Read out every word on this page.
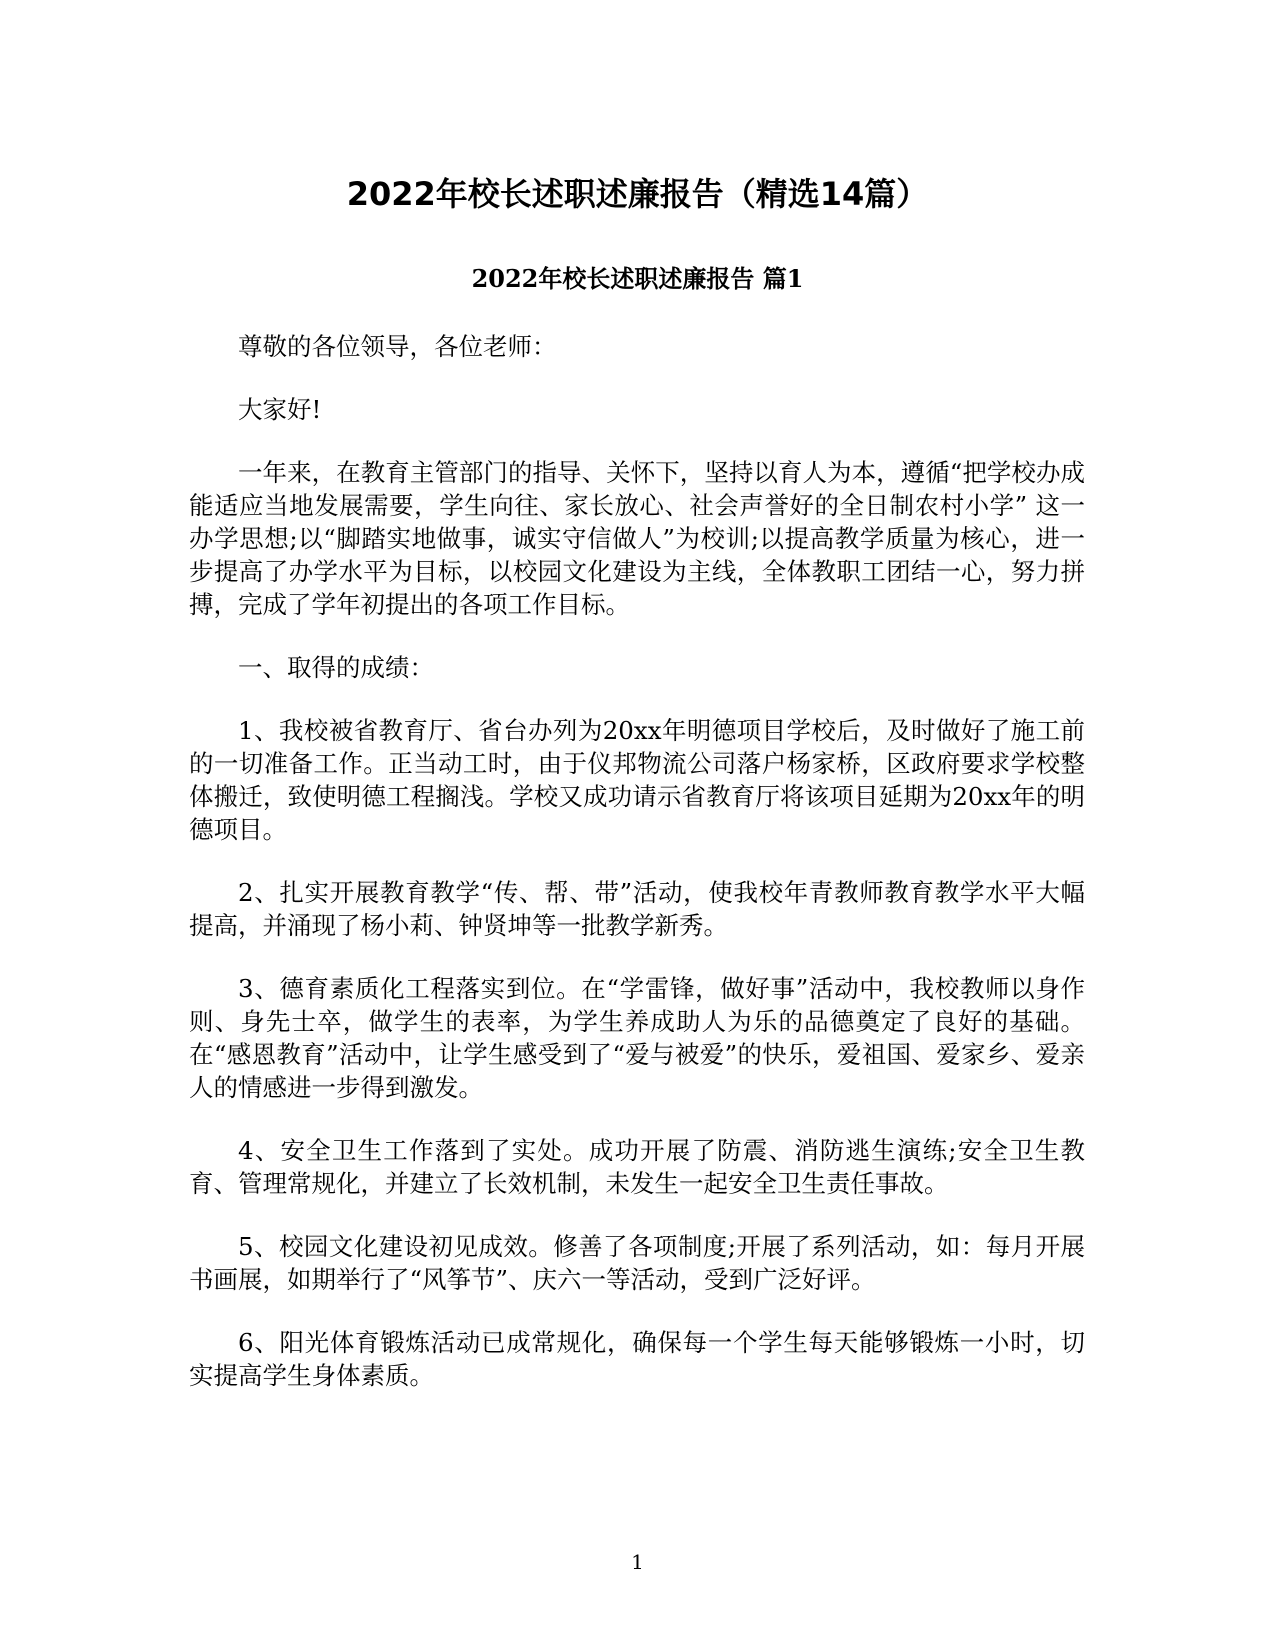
2022年校长述职述廉报告（精选14篇）
2022年校长述职述廉报告 篇1

尊敬的各位领导，各位老师：

大家好!

一年来，在教育主管部门的指导、关怀下，坚持以育人为本，遵循“把学校办成能适应当地发展需要，学生向往、家长放心、社会声誉好的全日制农村小学” 这一办学思想;以“脚踏实地做事，诚实守信做人”为校训;以提高教学质量为核心，进一步提高了办学水平为目标，以校园文化建设为主线，全体教职工团结一心，努力拼搏，完成了学年初提出的各项工作目标。

一、取得的成绩：

1、我校被省教育厅、省台办列为20xx年明德项目学校后，及时做好了施工前的一切准备工作。正当动工时，由于仪邦物流公司落户杨家桥，区政府要求学校整体搬迁，致使明德工程搁浅。学校又成功请示省教育厅将该项目延期为20xx年的明德项目。

2、扎实开展教育教学“传、帮、带”活动，使我校年青教师教育教学水平大幅提高，并涌现了杨小莉、钟贤坤等一批教学新秀。

3、德育素质化工程落实到位。在“学雷锋，做好事”活动中，我校教师以身作则、身先士卒，做学生的表率，为学生养成助人为乐的品德奠定了良好的基础。在“感恩教育”活动中，让学生感受到了“爱与被爱”的快乐，爱祖国、爱家乡、爱亲人的情感进一步得到激发。

4、安全卫生工作落到了实处。成功开展了防震、消防逃生演练;安全卫生教育、管理常规化，并建立了长效机制，未发生一起安全卫生责任事故。

5、校园文化建设初见成效。修善了各项制度;开展了系列活动，如：每月开展书画展，如期举行了“风筝节”、庆六一等活动，受到广泛好评。

6、阳光体育锻炼活动已成常规化，确保每一个学生每天能够锻炼一小时，切实提高学生身体素质。

1
